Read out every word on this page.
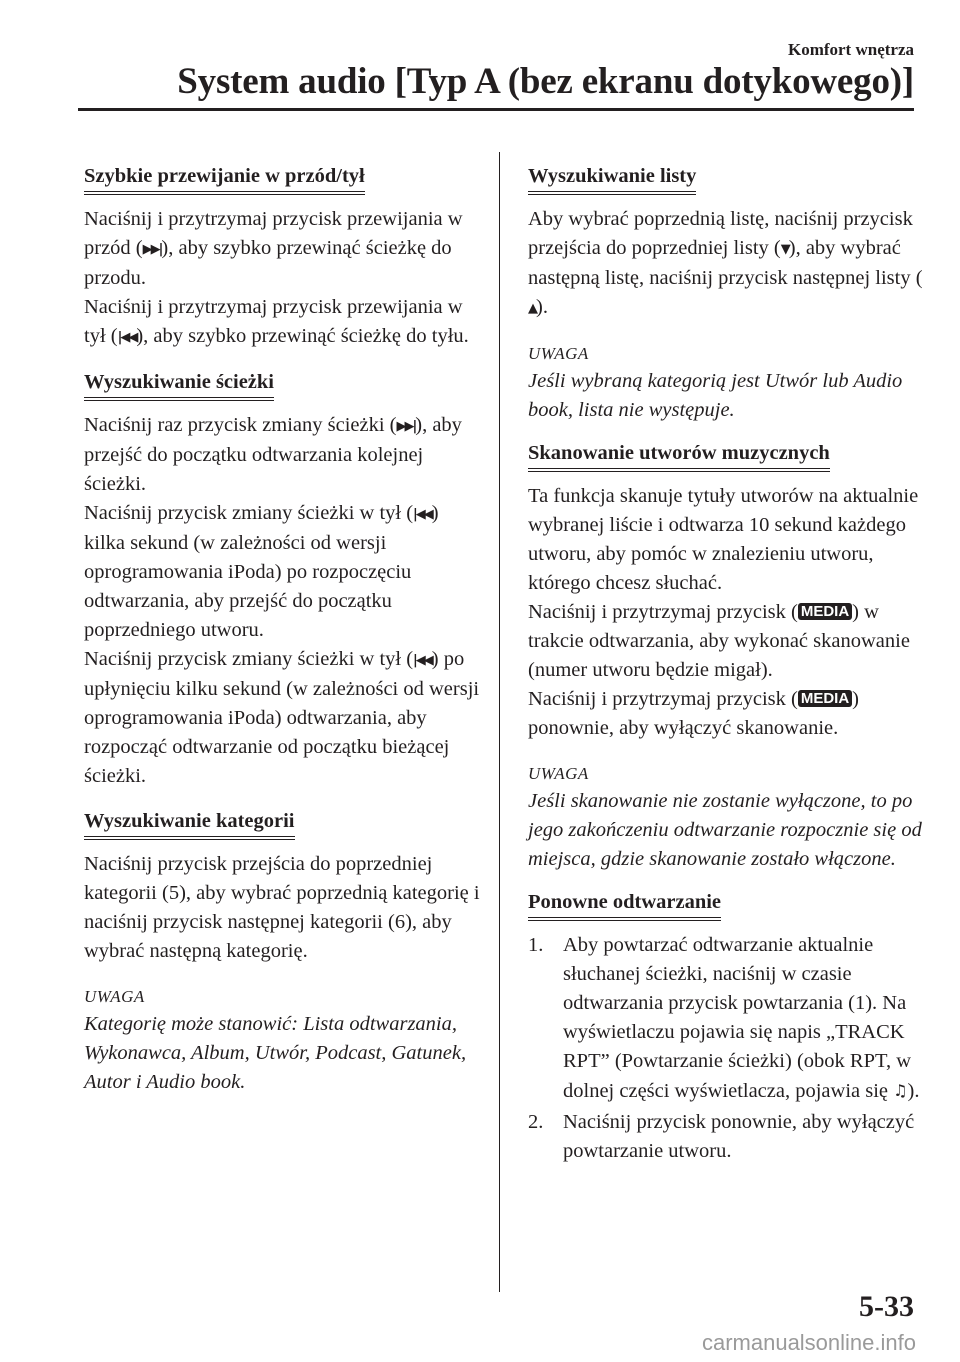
Komfort wnętrza
System audio [Typ A (bez ekranu dotykowego)]
Szybkie przewijanie w przód/tył
Naciśnij i przytrzymaj przycisk przewijania w przód (▶▶|), aby szybko przewinąć ścieżkę do przodu.
Naciśnij i przytrzymaj przycisk przewijania w tył (|◀◀), aby szybko przewinąć ścieżkę do tyłu.
Wyszukiwanie ścieżki
Naciśnij raz przycisk zmiany ścieżki (▶▶|), aby przejść do początku odtwarzania kolejnej ścieżki.
Naciśnij przycisk zmiany ścieżki w tył (|◀◀) kilka sekund (w zależności od wersji oprogramowania iPoda) po rozpoczęciu odtwarzania, aby przejść do początku poprzedniego utworu.
Naciśnij przycisk zmiany ścieżki w tył (|◀◀) po upłynięciu kilku sekund (w zależności od wersji oprogramowania iPoda) odtwarzania, aby rozpocząć odtwarzanie od początku bieżącej ścieżki.
Wyszukiwanie kategorii

Naciśnij przycisk przejścia do poprzedniej kategorii (5), aby wybrać poprzednią kategorię i naciśnij przycisk następnej kategorii (6), aby wybrać następną kategorię.

UWAGA
Kategorię może stanowić: Lista odtwarzania, Wykonawca, Album, Utwór, Podcast, Gatunek, Autor i Audio book.
Wyszukiwanie listy

Aby wybrać poprzednią listę, naciśnij przycisk przejścia do poprzedniej listy (▼), aby wybrać następną listę, naciśnij przycisk następnej listy (▲).

UWAGA
Jeśli wybraną kategorią jest Utwór lub Audio book, lista nie występuje.
Skanowanie utworów muzycznych
Ta funkcja skanuje tytuły utworów na aktualnie wybranej liście i odtwarza 10 sekund każdego utworu, aby pomóc w znalezieniu utworu, którego chcesz słuchać.
Naciśnij i przytrzymaj przycisk ( MEDIA ) w trakcie odtwarzania, aby wykonać skanowanie (numer utworu będzie migał).

Naciśnij i przytrzymaj przycisk ( MEDIA ) ponownie, aby wyłączyć skanowanie.

UWAGA
Jeśli skanowanie nie zostanie wyłączone, to po jego zakończeniu odtwarzanie rozpocznie się od miejsca, gdzie skanowanie zostało włączone.
Ponowne odtwarzanie
1. Aby powtarzać odtwarzanie aktualnie słuchanej ścieżki, naciśnij w czasie odtwarzania przycisk powtarzania (1). Na wyświetlaczu pojawia się napis „TRACK RPT” (Powtarzanie ścieżki) (obok RPT, w dolnej części wyświetlacza, pojawia się ♫).
2. Naciśnij przycisk ponownie, aby wyłączyć powtarzanie utworu.
5-33
carmanualsonline.info
